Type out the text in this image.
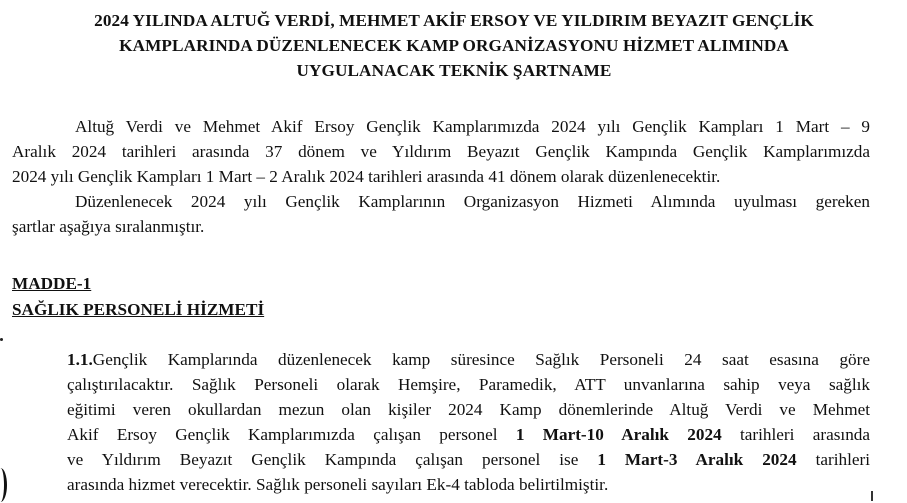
2024 YILINDA ALTUĞ VERDİ, MEHMET AKİF ERSOY VE YILDIRIM BEYAZIT GENÇLİK
KAMPLARINDA DÜZENLENECEK KAMP ORGANİZASYONU HİZMET ALIMINDA
UYGULANACAK TEKNİK ŞARTNAME
Altuğ Verdi ve Mehmet Akif Ersoy Gençlik Kamplarımızda 2024 yılı Gençlik Kampları 1 Mart – 9
Aralık 2024 tarihleri arasında 37 dönem ve Yıldırım Beyazıt Gençlik Kampında Gençlik Kamplarımızda
2024 yılı Gençlik Kampları 1 Mart – 2 Aralık 2024 tarihleri arasında 41 dönem olarak düzenlenecektir.
Düzenlenecek 2024 yılı Gençlik Kamplarının Organizasyon Hizmeti Alımında uyulması gereken
şartlar aşağıya sıralanmıştır.
MADDE-1
SAĞLIK PERSONELİ HİZMETİ
1.1.Gençlik Kamplarında düzenlenecek kamp süresince Sağlık Personeli 24 saat esasına göre
çalıştırılacaktır. Sağlık Personeli olarak Hemşire, Paramedik, ATT unvanlarına sahip veya sağlık
eğitimi veren okullardan mezun olan kişiler 2024 Kamp dönemlerinde Altuğ Verdi ve Mehmet
Akif Ersoy Gençlik Kamplarımızda çalışan personel 1 Mart-10 Aralık 2024 tarihleri arasında
ve Yıldırım Beyazıt Gençlik Kampında çalışan personel ise 1 Mart-3 Aralık 2024 tarihleri
arasında hizmet verecektir. Sağlık personeli sayıları Ek-4 tabloda belirtilmiştir.
